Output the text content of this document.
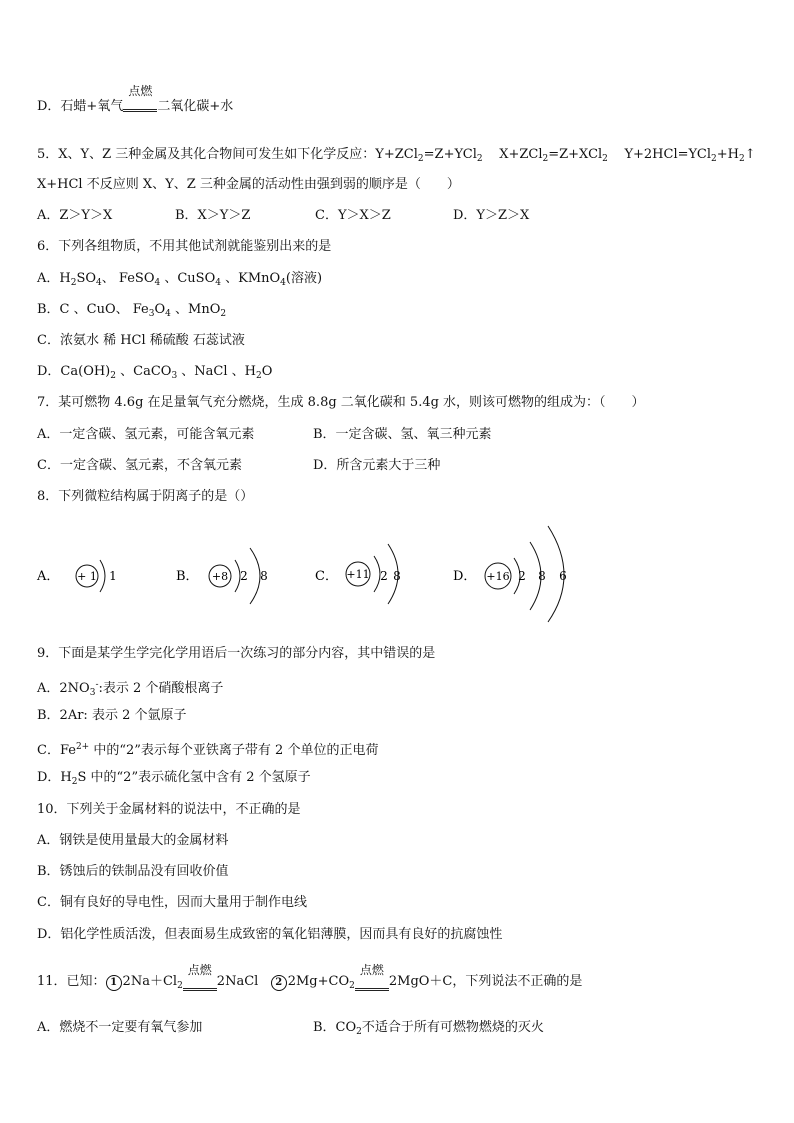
D．石蜡+氧气
点燃
二氧化碳+水
5．X、Y、Z 三种金属及其化合物间可发生如下化学反应：Y+ZCl$_2$=Z+YCl$_2$ X+ZCl$_2$=Z+XCl$_2$ $Y+2HCl=YCl_2+H_2↑$
X+HCl 不反应则 X、Y、Z 三种金属的活动性由强到弱的顺序是（　　）
A．Z＞Y＞X	B．X＞Y＞Z	C．Y＞X＞Z	D．Y＞Z＞X
6．下列各组物质，不用其他试剂就能鉴别出来的是
A．$H_2SO_4$、 FeSO$_4$ 、CuSO$_4$ 、KMnO$_4$(溶液)
B．C 、CuO、 $Fe_3O_4$ 、MnO$_2$
C．浓氨水 稀 HCl 稀硫酸 石蕊试液
D．$Ca(OH)_2$ 、CaCO$_3$ 、NaCl 、$H_2O$
7．某可燃物 4.6g 在足量氧气充分燃烧，生成 8.8g 二氧化碳和 5.4g 水，则该可燃物的组成为：（　　）
A．一定含碳、氢元素，可能含氧元素	B．一定含碳、氢、氧三种元素
C．一定含碳、氢元素，不含氧元素	D．所含元素大于三种
8．下列微粒结构属于阴离子的是（）
A． + 1 1	B． +8 2 8	C． +11 2 8	D． +16 2 8 6
9．下面是某学生学完化学用语后一次练习的部分内容，其中错误的是
A．$2NO_3^-$:表示 2 个硝酸根离子
B．2Ar: 表示 2 个氩原子
C．$Fe^{2+}$ 中的“2”表示每个亚铁离子带有 2 个单位的正电荷
D．$H_2S$ 中的“2”表示硫化氢中含有 2 个氢原子
10．下列关于金属材料的说法中，不正确的是
A．钢铁是使用量最大的金属材料
B．锈蚀后的铁制品没有回收价值
C．铜有良好的导电性，因而大量用于制作电线
D．铝化学性质活泼，但表面易生成致密的氧化铝薄膜，因而具有良好的抗腐蚀性
11．已知： 1 $2Na+Cl_2$
点燃
2NaCl 2 $2Mg+CO_2$
点燃
2MgO＋C，下列说法不正确的是
A．燃烧不一定要有氧气参加	B．$CO_2$不适合于所有可燃物燃烧的灭火
